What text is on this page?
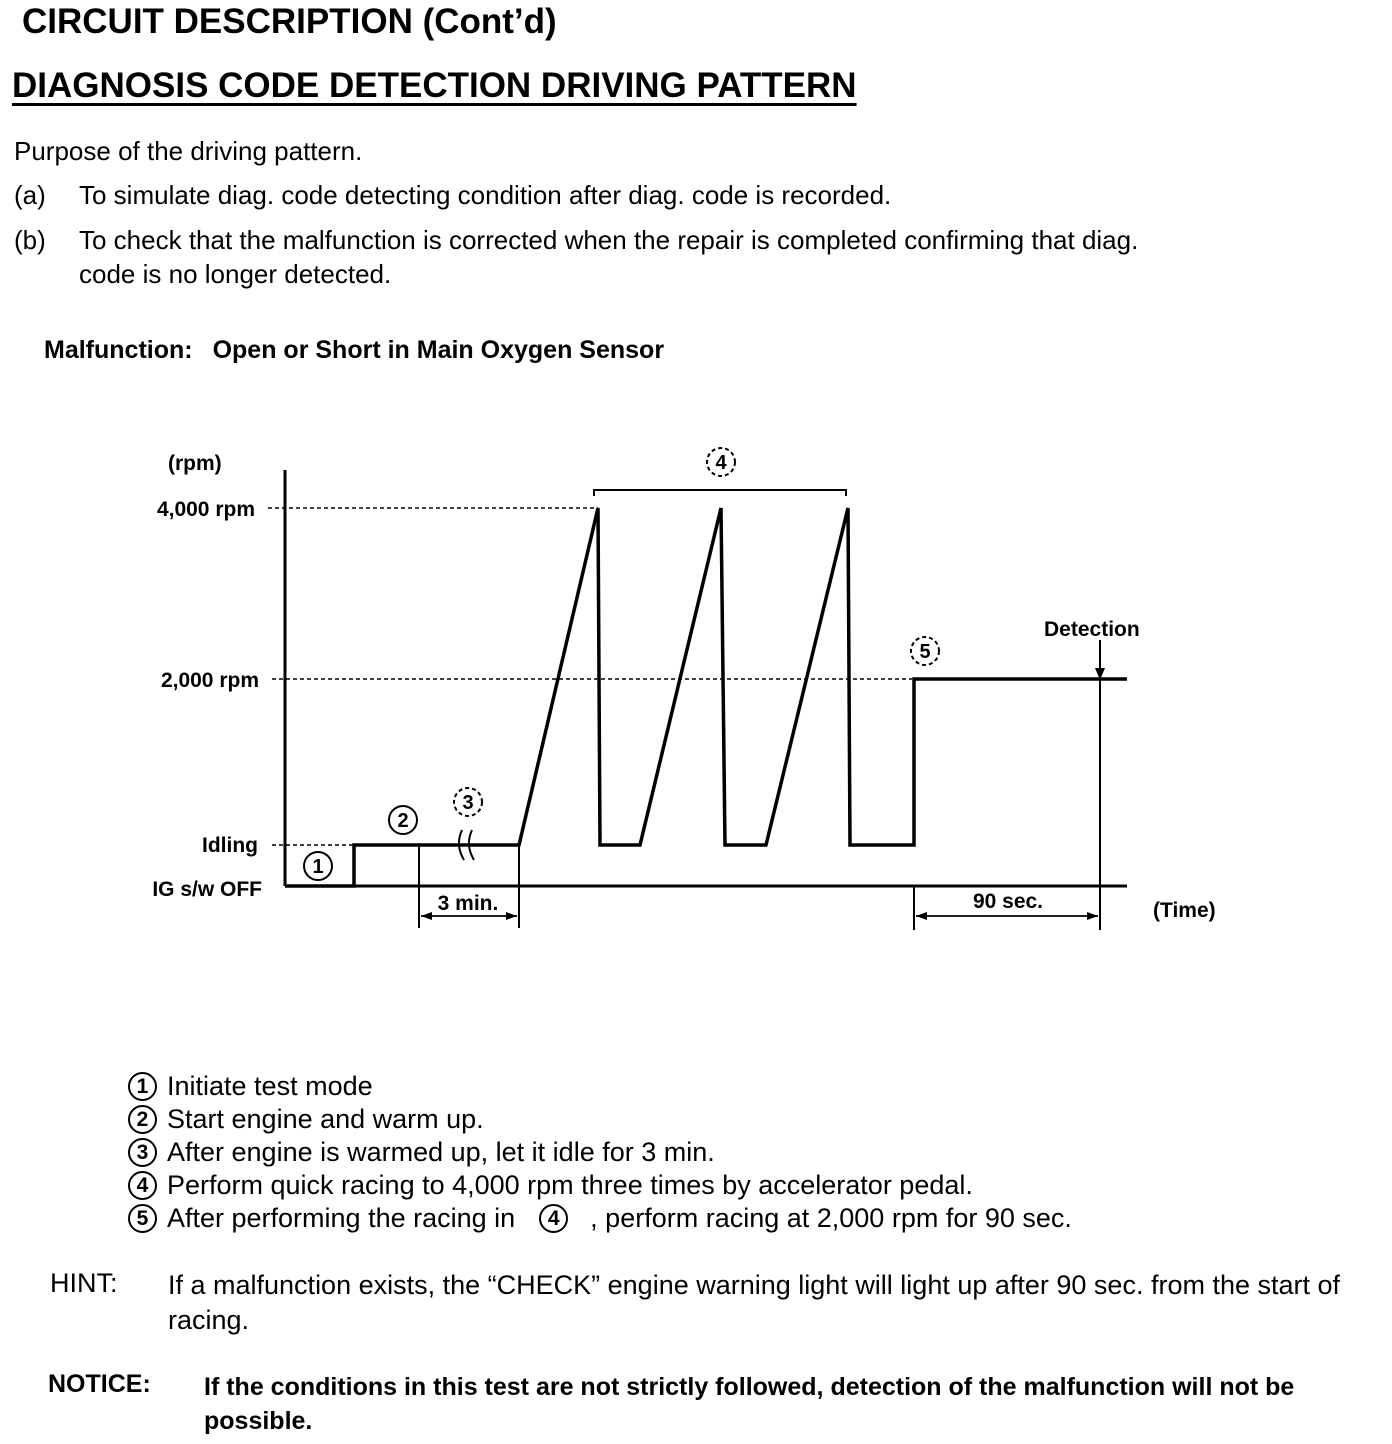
CIRCUIT DESCRIPTION (Cont’d)
DIAGNOSIS CODE DETECTION DRIVING PATTERN
Purpose of the driving pattern.
(a) To simulate diag. code detecting condition after diag. code is recorded.
(b) To check that the malfunction is corrected when the repair is completed confirming that diag.
code is no longer detected.
Malfunction: Open or Short in Main Oxygen Sensor
(rpm)
4,000 rpm
2,000 rpm
Idling
IG s/w OFF
(Time)
Detection
3 min.	90 sec.
1
2
3
4
5
1 Initiate test mode
2 Start engine and warm up.
3 After engine is warmed up, let it idle for 3 min.
4 Perform quick racing to 4,000 rpm three times by accelerator pedal.
5 After performing the racing in	4	, perform racing at 2,000 rpm for 90 sec.
HINT: If a malfunction exists, the “CHECK” engine warning light will light up after 90 sec. from the start of racing.
NOTICE: If the conditions in this test are not strictly followed, detection of the malfunction will not be possible.
